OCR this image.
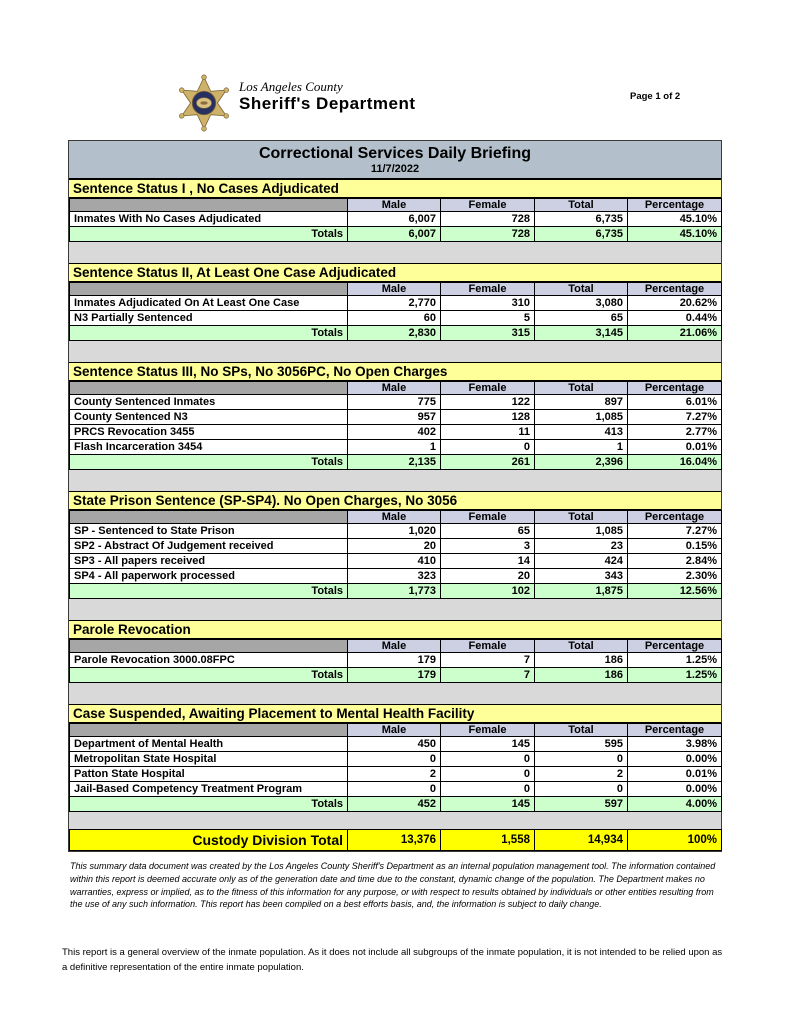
Los Angeles County
Sheriff's Department	Page 1 of 2
Correctional Services Daily Briefing
11/7/2022
Sentence Status I , No Cases Adjudicated
	Male	Female	Total	Percentage
Inmates With No Cases Adjudicated	6,007	728	6,735	45.10%
Totals	6,007	728	6,735	45.10%
Sentence Status II, At Least One Case Adjudicated
	Male	Female	Total	Percentage
Inmates Adjudicated On At Least One Case	2,770	310	3,080	20.62%
N3 Partially Sentenced	60	5	65	0.44%
Totals	2,830	315	3,145	21.06%
Sentence Status III, No SPs, No 3056PC, No Open Charges
	Male	Female	Total	Percentage
County Sentenced Inmates	775	122	897	6.01%
County Sentenced N3	957	128	1,085	7.27%
PRCS Revocation 3455	402	11	413	2.77%
Flash Incarceration 3454	1	0	1	0.01%
Totals	2,135	261	2,396	16.04%
State Prison Sentence (SP-SP4). No Open Charges, No 3056
	Male	Female	Total	Percentage
SP - Sentenced to State Prison	1,020	65	1,085	7.27%
SP2 - Abstract Of Judgement received	20	3	23	0.15%
SP3 - All papers received	410	14	424	2.84%
SP4 - All paperwork processed	323	20	343	2.30%
Totals	1,773	102	1,875	12.56%
Parole Revocation
	Male	Female	Total	Percentage
Parole Revocation 3000.08FPC	179	7	186	1.25%
Totals	179	7	186	1.25%
Case Suspended, Awaiting Placement to Mental Health Facility
	Male	Female	Total	Percentage
Department of Mental Health	450	145	595	3.98%
Metropolitan State Hospital	0	0	0	0.00%
Patton State Hospital	2	0	2	0.01%
Jail-Based Competency Treatment Program	0	0	0	0.00%
Totals	452	145	597	4.00%
Custody Division Total	13,376	1,558	14,934	100%

This summary data document was created by the Los Angeles County Sheriff's Department as an internal population management tool. The information contained within this report is deemed accurate only as of the generation date and time due to the constant, dynamic change of the population. The Department makes no warranties, express or implied, as to the fitness of this information for any purpose, or with respect to results obtained by individuals or other entities resulting from the use of any such information. This report has been compiled on a best efforts basis, and, the information is subject to daily change.

This report is a general overview of the inmate population. As it does not include all subgroups of the inmate population, it is not intended to be relied upon as a definitive representation of the entire inmate population.
